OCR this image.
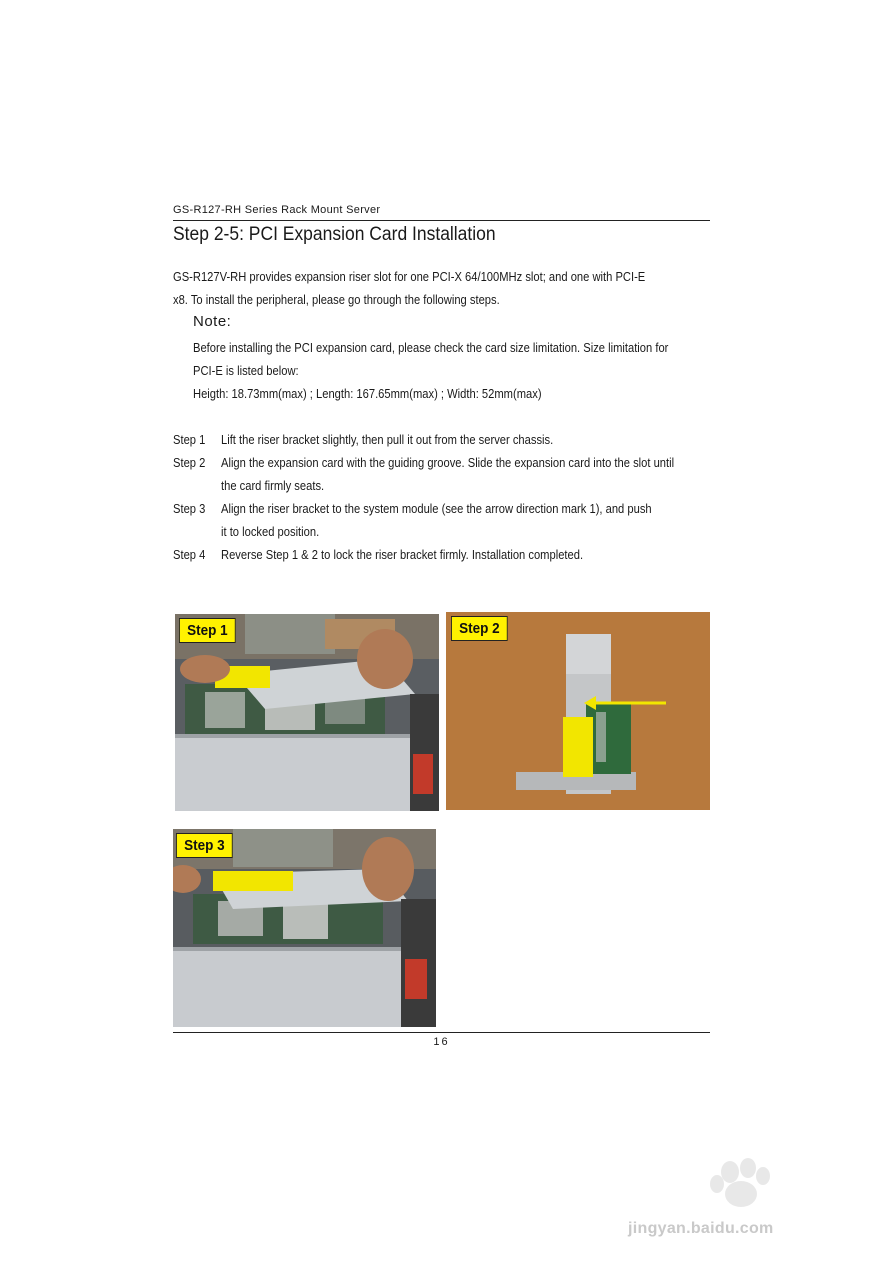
GS-R127-RH Series Rack Mount Server
Step 2-5: PCI Expansion Card Installation
GS-R127V-RH provides expansion riser slot for one PCI-X 64/100MHz slot; and one with PCI-E
x8. To install the peripheral, please go through the following steps.
Note:
Before installing the PCI expansion card, please check the card size limitation. Size limitation for
PCI-E is listed below:
Heigth: 18.73mm(max) ; Length: 167.65mm(max) ; Width: 52mm(max)
Step 1 Lift the riser bracket slightly, then pull it out from the server chassis.
Step 2 Align the expansion card with the guiding groove. Slide the expansion card into the slot until
the card firmly seats.
Step 3 Align the riser bracket to the system module (see the arrow direction mark 1), and push
it to locked position.
Step 4 Reverse Step 1 & 2 to lock the riser bracket firmly. Installation completed.
Step 1	Step 2
Step 3
16
jingyan.baidu.com
